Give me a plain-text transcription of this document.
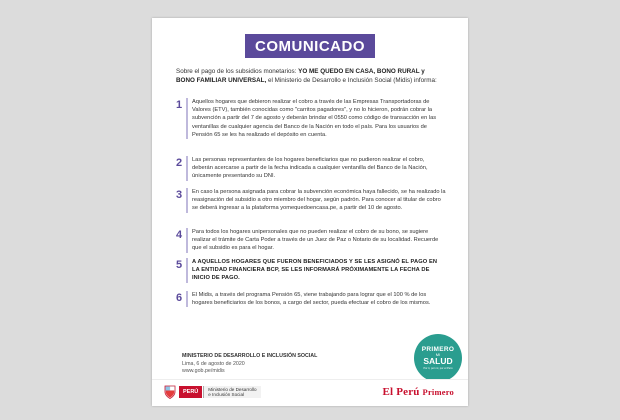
COMUNICADO
Sobre el pago de los subsidios monetarios: YO ME QUEDO EN CASA, BONO RURAL y BONO FAMILIAR UNIVERSAL, el Ministerio de Desarrollo e Inclusión Social (Midis) informa:
1	Aquellos hogares que debieron realizar el cobro a través de las Empresas Transportadoras de Valores (ETV), también conocidas como "carritos pagadores", y no lo hicieron, podrán cobrar la subvención a partir del 7 de agosto y deberán brindar el 0550 como código de transacción en las ventanillas de cualquier agencia del Banco de la Nación en todo el país. Para los usuarios de Pensión 65 se les ha realizado el depósito en cuenta.
2	Las personas representantes de los hogares beneficiarios que no pudieron realizar el cobro, deberán acercarse a partir de la fecha indicada a cualquier ventanilla del Banco de la Nación, únicamente presentando su DNI.
3	En caso la persona asignada para cobrar la subvención económica haya fallecido, se ha realizado la reasignación del subsidio a otro miembro del hogar, según padrón. Para conocer al titular de cobro se deberá ingresar a la plataforma yomequedoencasa.pe, a partir del 10 de agosto.
4	Para todos los hogares unipersonales que no pueden realizar el cobro de su bono, se sugiere realizar el trámite de Carta Poder a través de un Juez de Paz o Notario de su localidad. Recuerde que el subsidio es para el hogar.
5	A AQUELLOS HOGARES QUE FUERON BENEFICIADOS Y SE LES ASIGNÓ EL PAGO EN LA ENTIDAD FINANCIERA BCP, SE LES INFORMARÁ PRÓXIMAMENTE LA FECHA DE INICIO DE PAGO.
6	El Midis, a través del programa Pensión 65, viene trabajando para lograr que el 100 % de los hogares beneficiarios de los bonos, a cargo del sector, pueda efectuar el cobro de los mismos.
MINISTERIO DE DESARROLLO E INCLUSIÓN SOCIAL
Lima, 6 de agosto de 2020
www.gob.pe/midis
PRIMERO
MI
SALUD
Por ti, por mí, por el Perú
PERÚ	Ministerio de Desarrollo
e Inclusión Social	El Perú Primero
